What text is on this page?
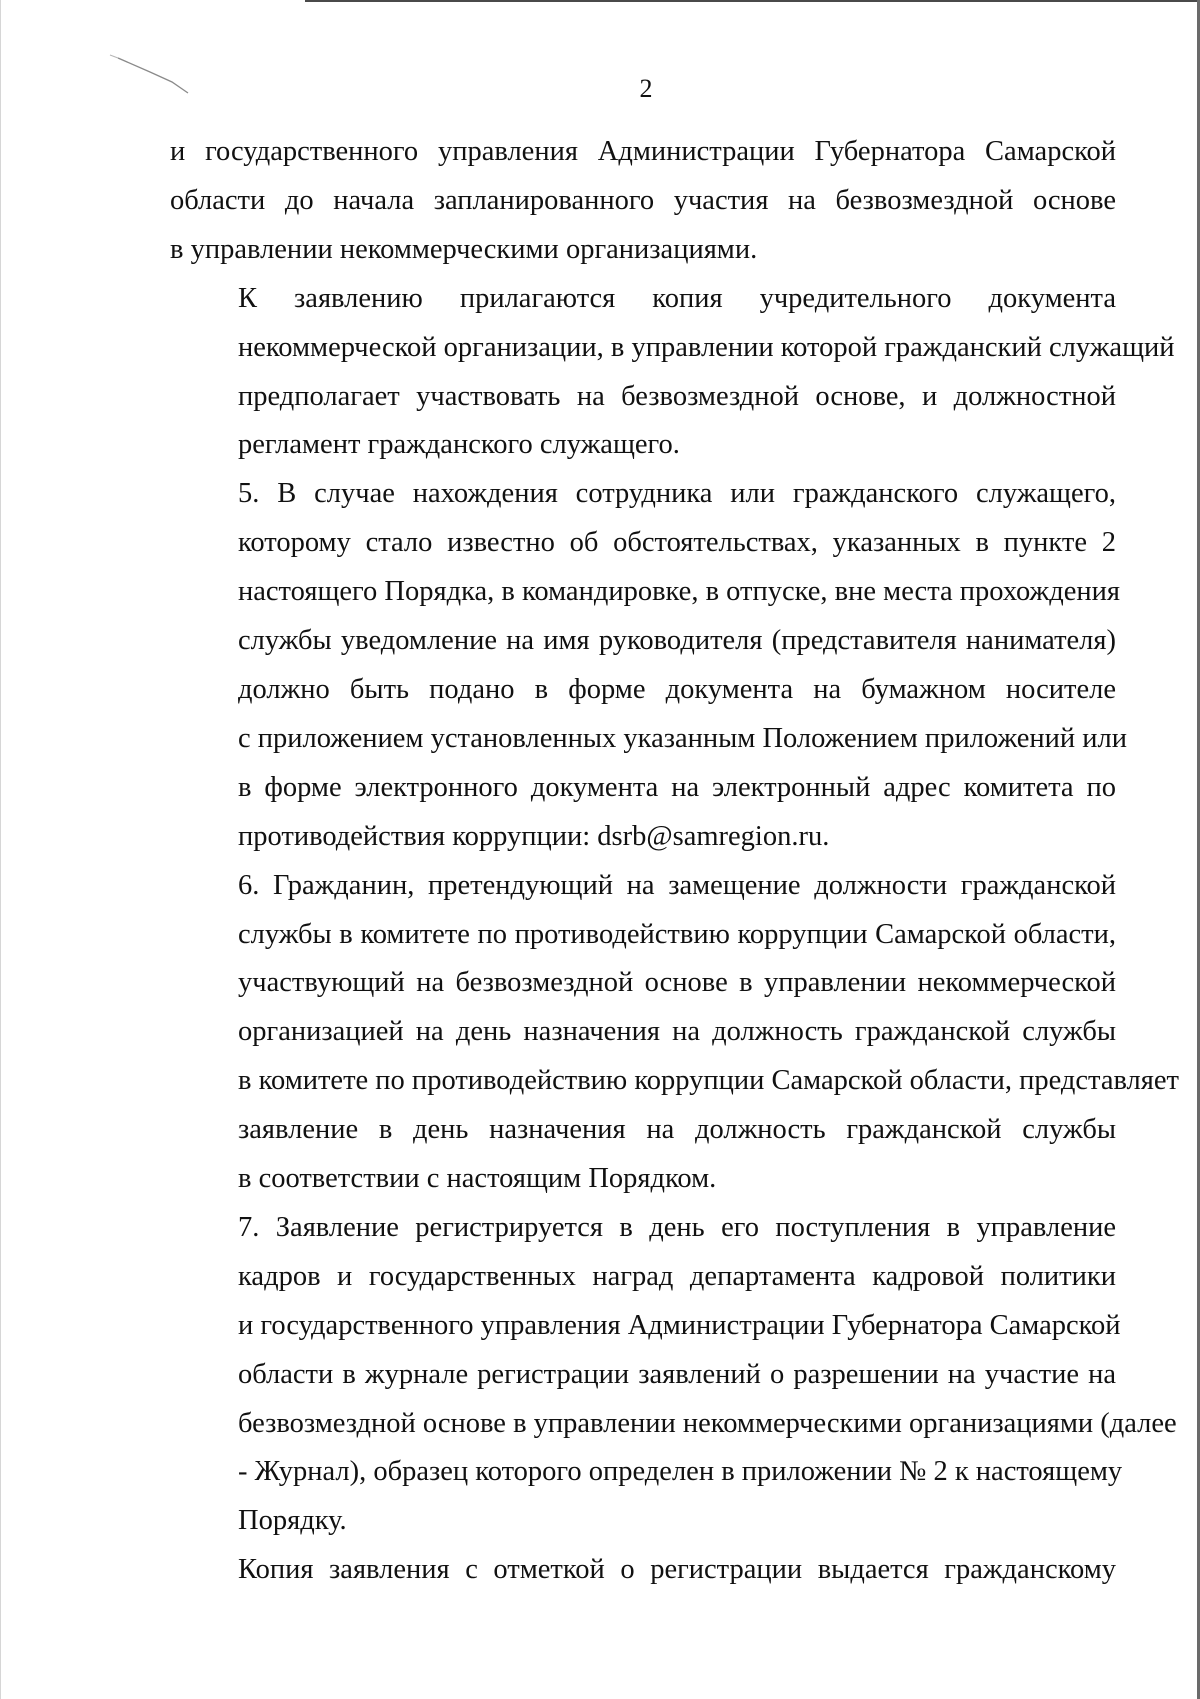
2

и государственного управления Администрации Губернатора Самарской
области до начала запланированного участия на безвозмездной основе
в управлении некоммерческими организациями.

К заявлению прилагаются копия учредительного документа
некоммерческой организации, в управлении которой гражданский служащий
предполагает участвовать на безвозмездной основе, и должностной
регламент гражданского служащего.

5. В случае нахождения сотрудника или гражданского служащего,
которому стало известно об обстоятельствах, указанных в пункте 2
настоящего Порядка, в командировке, в отпуске, вне места прохождения
службы уведомление на имя руководителя (представителя нанимателя)
должно быть подано в форме документа на бумажном носителе
с приложением установленных указанным Положением приложений или
в форме электронного документа на электронный адрес комитета по
противодействия коррупции: dsrb@samregion.ru.

6. Гражданин, претендующий на замещение должности гражданской
службы в комитете по противодействию коррупции Самарской области,
участвующий на безвозмездной основе в управлении некоммерческой
организацией на день назначения на должность гражданской службы
в комитете по противодействию коррупции Самарской области, представляет
заявление в день назначения на должность гражданской службы
в соответствии с настоящим Порядком.

7. Заявление регистрируется в день его поступления в управление
кадров и государственных наград департамента кадровой политики
и государственного управления Администрации Губернатора Самарской
области в журнале регистрации заявлений о разрешении на участие на
безвозмездной основе в управлении некоммерческими организациями (далее
- Журнал), образец которого определен в приложении № 2 к настоящему
Порядку.

Копия заявления с отметкой о регистрации выдается гражданскому
